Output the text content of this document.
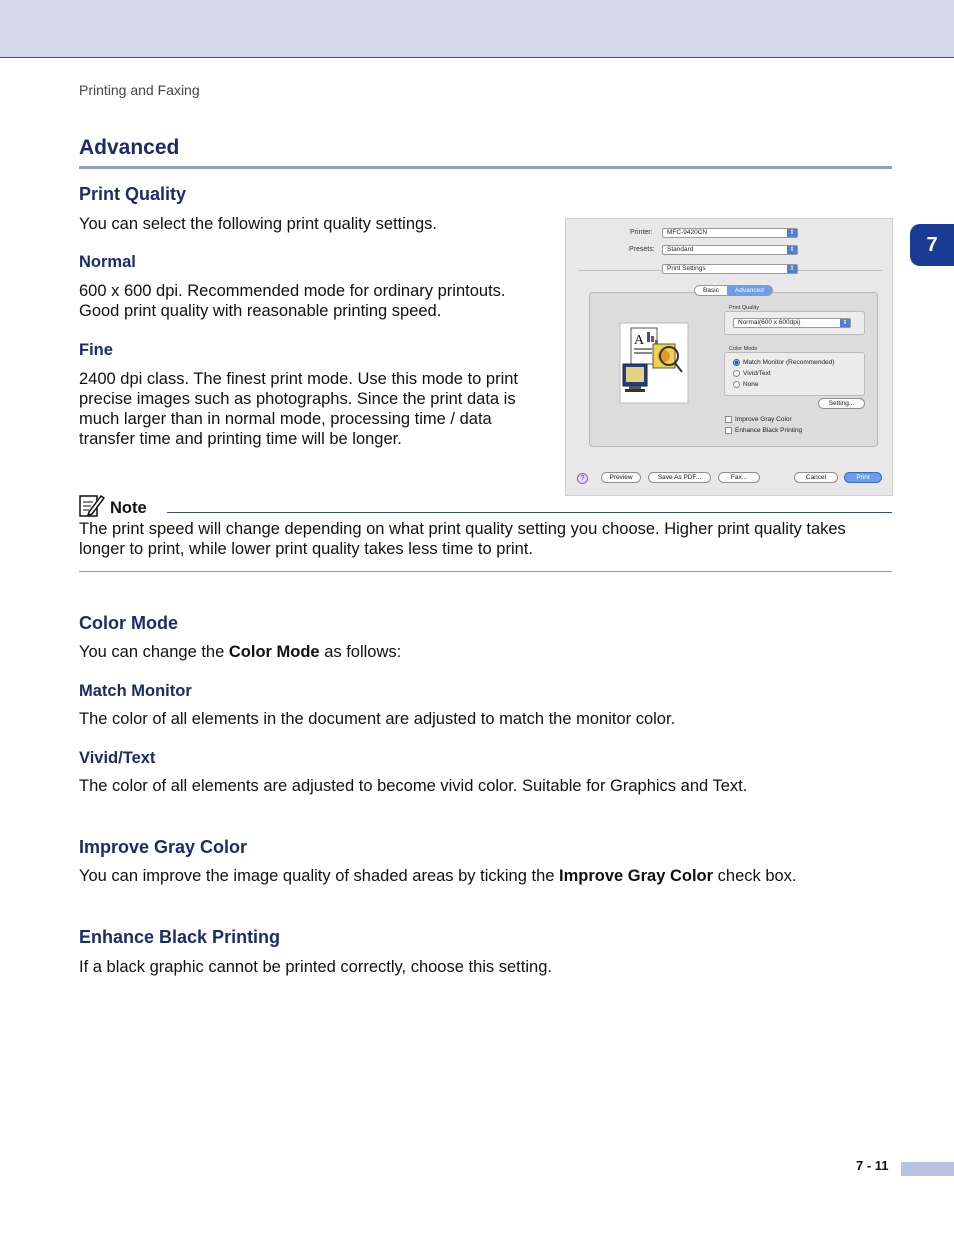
Printing and Faxing
7
Advanced
Print Quality
You can select the following print quality settings.
Normal
600 x 600 dpi. Recommended mode for ordinary printouts. Good print quality with reasonable printing speed.
Fine
2400 dpi class. The finest print mode. Use this mode to print precise images such as photographs. Since the print data is much larger than in normal mode, processing time / data transfer time and printing time will be longer.
Printer:	MFC-9420CN	⇕
Presets:	Standard	⇕
Print Settings	⇕
Basic	Advanced
A
Print Quality
Normal(600 x 600dpi)	⇕
Color Mode
Match Monitor (Recommended)
Vivid/Text
None
Setting...
Improve Gray Color
Enhance Black Printing
?	Preview	Save As PDF...	Fax...	Cancel	Print
Note
The print speed will change depending on what print quality setting you choose. Higher print quality takes longer to print, while lower print quality takes less time to print.
Color Mode
You can change the Color Mode as follows:
Match Monitor
The color of all elements in the document are adjusted to match the monitor color.
Vivid/Text
The color of all elements are adjusted to become vivid color. Suitable for Graphics and Text.
Improve Gray Color
You can improve the image quality of shaded areas by ticking the Improve Gray Color check box.
Enhance Black Printing
If a black graphic cannot be printed correctly, choose this setting.
7 - 11
